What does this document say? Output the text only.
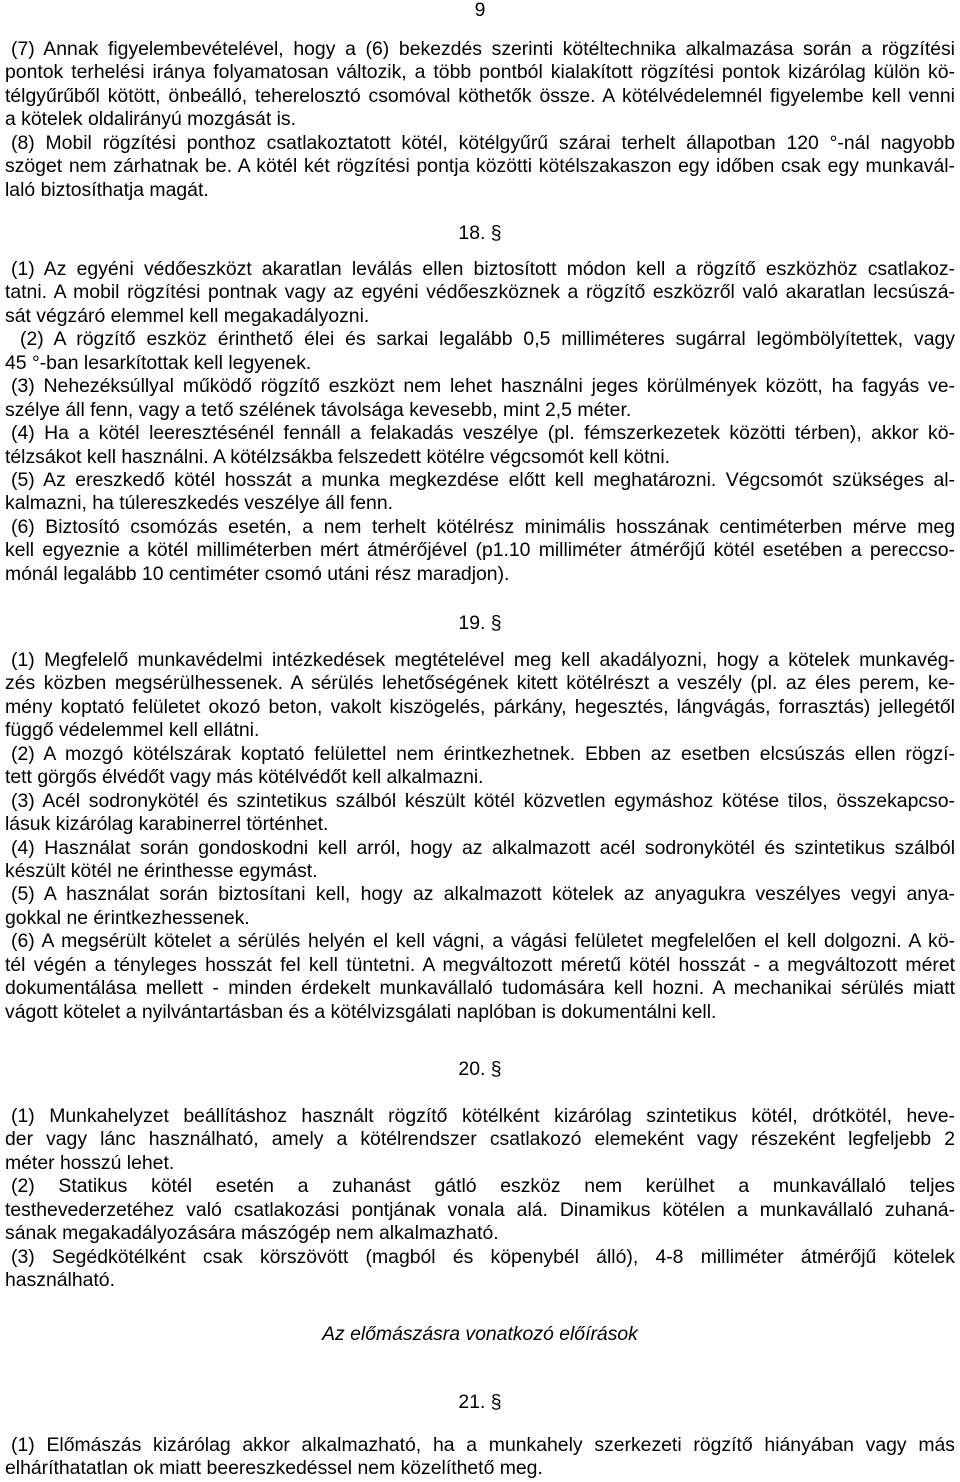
9
(7) Annak figyelembevételével, hogy a (6) bekezdés szerinti kötéltechnika alkalmazása során a rögzítési
pontok terhelési iránya folyamatosan változik, a több pontból kialakított rögzítési pontok kizárólag külön kö-
télgyűrűből kötött, önbeálló, teherelosztó csomóval köthetők össze. A kötélvédelemnél figyelembe kell venni
a kötelek oldalirányú mozgását is.
(8) Mobil rögzítési ponthoz csatlakoztatott kötél, kötélgyűrű szárai terhelt állapotban 120 °-nál nagyobb
szöget nem zárhatnak be. A kötél két rögzítési pontja közötti kötélszakaszon egy időben csak egy munkavál-
laló biztosíthatja magát.
18. §
(1) Az egyéni védőeszközt akaratlan leválás ellen biztosított módon kell a rögzítő eszközhöz csatlakoz-
tatni. A mobil rögzítési pontnak vagy az egyéni védőeszköznek a rögzítő eszközről való akaratlan lecsúszá-
sát végzáró elemmel kell megakadályozni.
(2) A rögzítő eszköz érinthető élei és sarkai legalább 0,5 milliméteres sugárral legömbölyítettek, vagy
45 °-ban lesarkítottak kell legyenek.
(3) Nehezéksúllyal működő rögzítő eszközt nem lehet használni jeges körülmények között, ha fagyás ve-
szélye áll fenn, vagy a tető szélének távolsága kevesebb, mint 2,5 méter.
(4) Ha a kötél leeresztésénél fennáll a felakadás veszélye (pl. fémszerkezetek közötti térben), akkor kö-
télzsákot kell használni. A kötélzsákba felszedett kötélre végcsomót kell kötni.
(5) Az ereszkedő kötél hosszát a munka megkezdése előtt kell meghatározni. Végcsomót szükséges al-
kalmazni, ha túlereszkedés veszélye áll fenn.
(6) Biztosító csomózás esetén, a nem terhelt kötélrész minimális hosszának centiméterben mérve meg
kell egyeznie a kötél milliméterben mért átmérőjével (p1.10 milliméter átmérőjű kötél esetében a pereccso-
mónál legalább 10 centiméter csomó utáni rész maradjon).
19. §
(1) Megfelelő munkavédelmi intézkedések megtételével meg kell akadályozni, hogy a kötelek munkavég-
zés közben megsérülhessenek. A sérülés lehetőségének kitett kötélrészt a veszély (pl. az éles perem, ke-
mény koptató felületet okozó beton, vakolt kiszögelés, párkány, hegesztés, lángvágás, forrasztás) jellegétől
függő védelemmel kell ellátni.
(2) A mozgó kötélszárak koptató felülettel nem érintkezhetnek. Ebben az esetben elcsúszás ellen rögzí-
tett görgős élvédőt vagy más kötélvédőt kell alkalmazni.
(3) Acél sodronykötél és szintetikus szálból készült kötél közvetlen egymáshoz kötése tilos, összekapcso-
lásuk kizárólag karabinerrel történhet.
(4) Használat során gondoskodni kell arról, hogy az alkalmazott acél sodronykötél és szintetikus szálból
készült kötél ne érinthesse egymást.
(5) A használat során biztosítani kell, hogy az alkalmazott kötelek az anyagukra veszélyes vegyi anya-
gokkal ne érintkezhessenek.
(6) A megsérült kötelet a sérülés helyén el kell vágni, a vágási felületet megfelelően el kell dolgozni. A kö-
tél végén a tényleges hosszát fel kell tüntetni. A megváltozott méretű kötél hosszát - a megváltozott méret
dokumentálása mellett - minden érdekelt munkavállaló tudomására kell hozni. A mechanikai sérülés miatt
vágott kötelet a nyilvántartásban és a kötélvizsgálati naplóban is dokumentálni kell.
20. §
(1) Munkahelyzet beállításhoz használt rögzítő kötélként kizárólag szintetikus kötél, drótkötél, heve-
der vagy lánc használható, amely a kötélrendszer csatlakozó elemeként vagy részeként legfeljebb 2
méter hosszú lehet.
(2) Statikus kötél esetén a zuhanást gátló eszköz nem kerülhet a munkavállaló teljes
testhevederzetéhez való csatlakozási pontjának vonala alá. Dinamikus kötélen a munkavállaló zuhaná-
sának megakadályozására mászógép nem alkalmazható.
(3) Segédkötélként csak körszövött (magból és köpenybél álló), 4-8 milliméter átmérőjű kötelek
használható.
Az előmászásra vonatkozó előírások
21. §
(1) Előmászás kizárólag akkor alkalmazható, ha a munkahely szerkezeti rögzítő hiányában vagy más
elháríthatatlan ok miatt beereszkedéssel nem közelíthető meg.
